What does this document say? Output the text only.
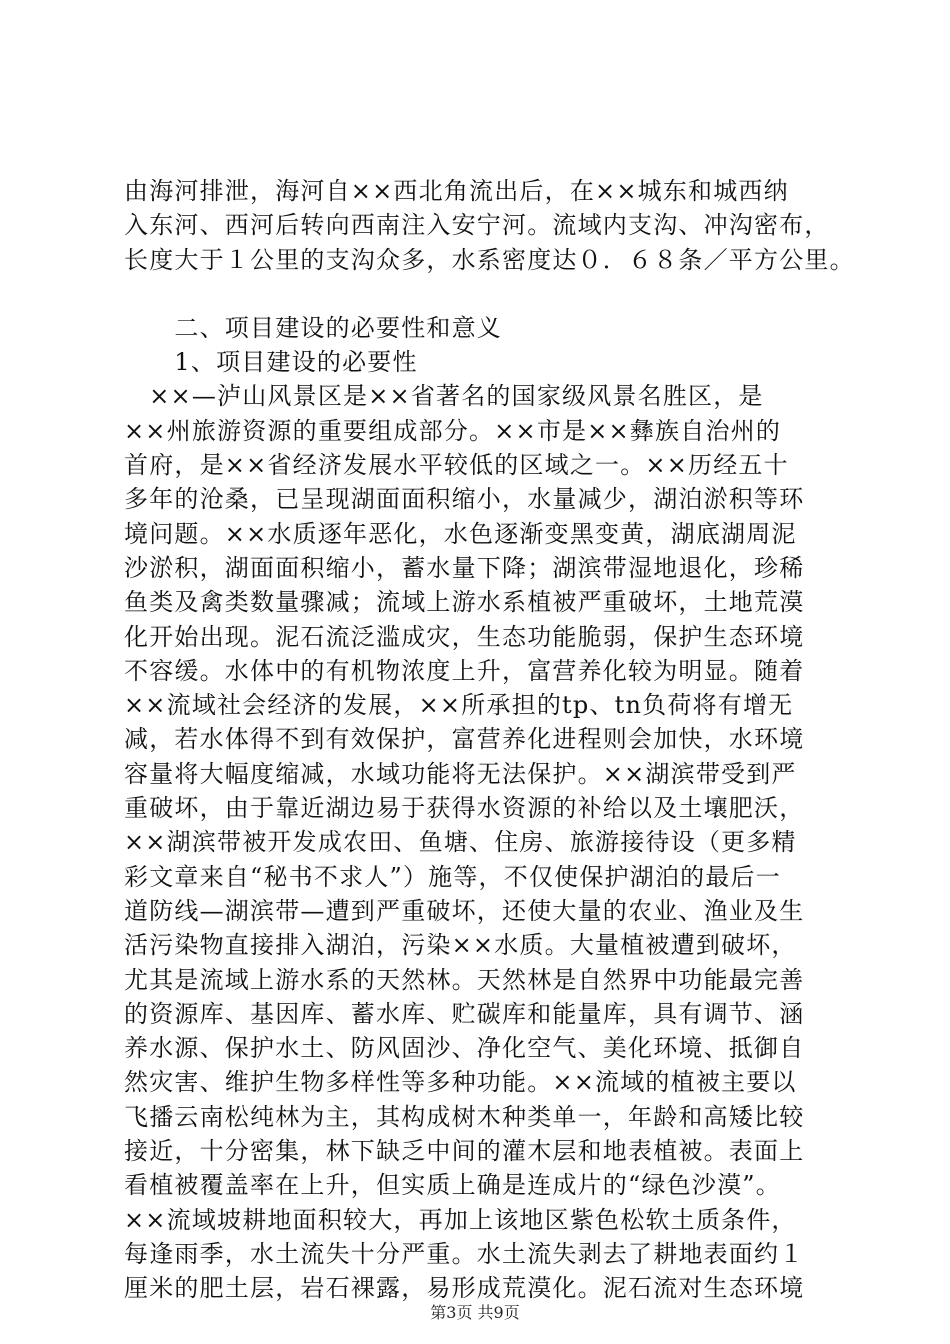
由海河排泄，海河自××西北角流出后，在××城东和城西纳
入东河、西河后转向西南注入安宁河。流域内支沟、冲沟密布，
长度大于１公里的支沟众多，水系密度达０．６８条／平方公里。
　　二、项目建设的必要性和意义
　　1、项目建设的必要性
　××—泸山风景区是××省著名的国家级风景名胜区，是
××州旅游资源的重要组成部分。××市是××彝族自治州的
首府，是××省经济发展水平较低的区域之一。××历经五十
多年的沧桑，已呈现湖面面积缩小，水量减少，湖泊淤积等环
境问题。××水质逐年恶化，水色逐渐变黑变黄，湖底湖周泥
沙淤积，湖面面积缩小，蓄水量下降；湖滨带湿地退化，珍稀
鱼类及禽类数量骤减；流域上游水系植被严重破坏，土地荒漠
化开始出现。泥石流泛滥成灾，生态功能脆弱，保护生态环境
不容缓。水体中的有机物浓度上升，富营养化较为明显。随着
××流域社会经济的发展，××所承担的tp、tn负荷将有增无
减，若水体得不到有效保护，富营养化进程则会加快，水环境
容量将大幅度缩减，水域功能将无法保护。××湖滨带受到严
重破坏，由于靠近湖边易于获得水资源的补给以及土壤肥沃，
××湖滨带被开发成农田、鱼塘、住房、旅游接待设（更多精
彩文章来自“秘书不求人”）施等，不仅使保护湖泊的最后一
道防线—湖滨带—遭到严重破坏，还使大量的农业、渔业及生
活污染物直接排入湖泊，污染××水质。大量植被遭到破坏，
尤其是流域上游水系的天然林。天然林是自然界中功能最完善
的资源库、基因库、蓄水库、贮碳库和能量库，具有调节、涵
养水源、保护水土、防风固沙、净化空气、美化环境、抵御自
然灾害、维护生物多样性等多种功能。××流域的植被主要以
飞播云南松纯林为主，其构成树木种类单一，年龄和高矮比较
接近，十分密集，林下缺乏中间的灌木层和地表植被。表面上
看植被覆盖率在上升，但实质上确是连成片的“绿色沙漠”。
××流域坡耕地面积较大，再加上该地区紫色松软土质条件，
每逢雨季，水土流失十分严重。水土流失剥去了耕地表面约１
厘米的肥土层，岩石裸露，易形成荒漠化。泥石流对生态环境
第3页 共9页
